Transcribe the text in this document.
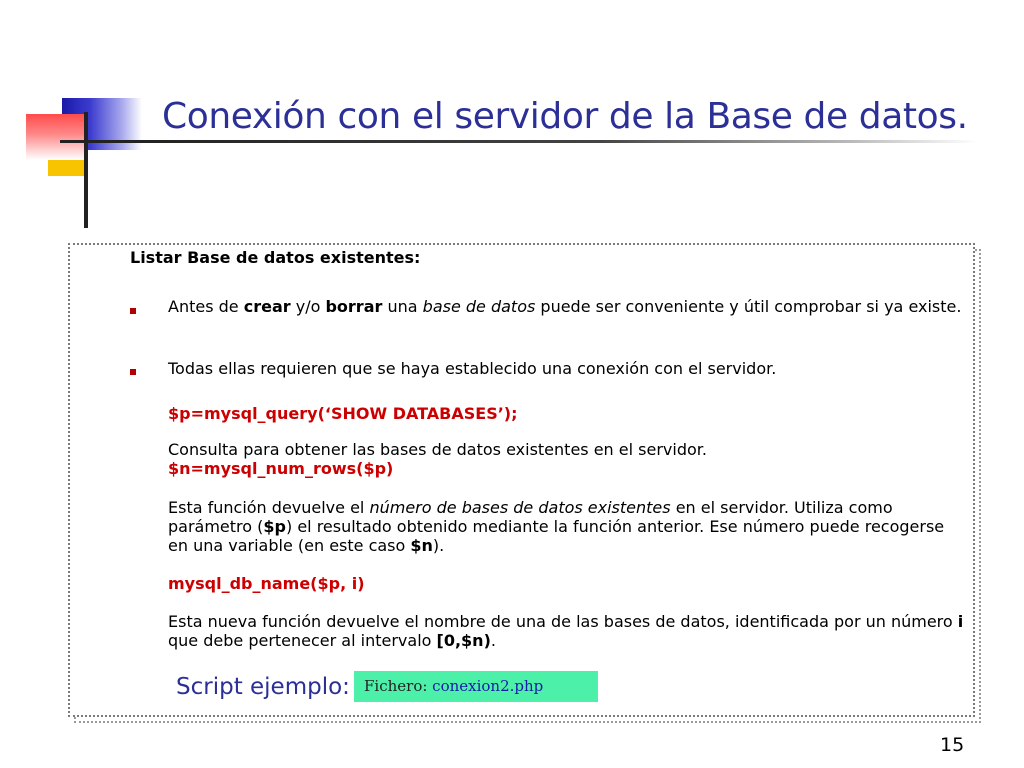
Conexión con el servidor de la Base de datos.
Listar Base de datos existentes:
Antes de crear y/o borrar una base de datos puede ser conveniente y útil comprobar si ya existe.
Todas ellas requieren que se haya establecido una conexión con el servidor.
$p=mysql_query(‘SHOW DATABASES’);
Consulta para obtener las bases de datos existentes en el servidor.
$n=mysql_num_rows($p)
Esta función devuelve el número de bases de datos existentes en el servidor. Utiliza como parámetro ($p) el resultado obtenido mediante la función anterior. Ese número puede recogerse en una variable (en este caso $n).
mysql_db_name($p, i)
Esta nueva función devuelve el nombre de una de las bases de datos, identificada por un número i que debe pertenecer al intervalo [0,$n).
Script ejemplo: Fichero: conexion2.php
15
